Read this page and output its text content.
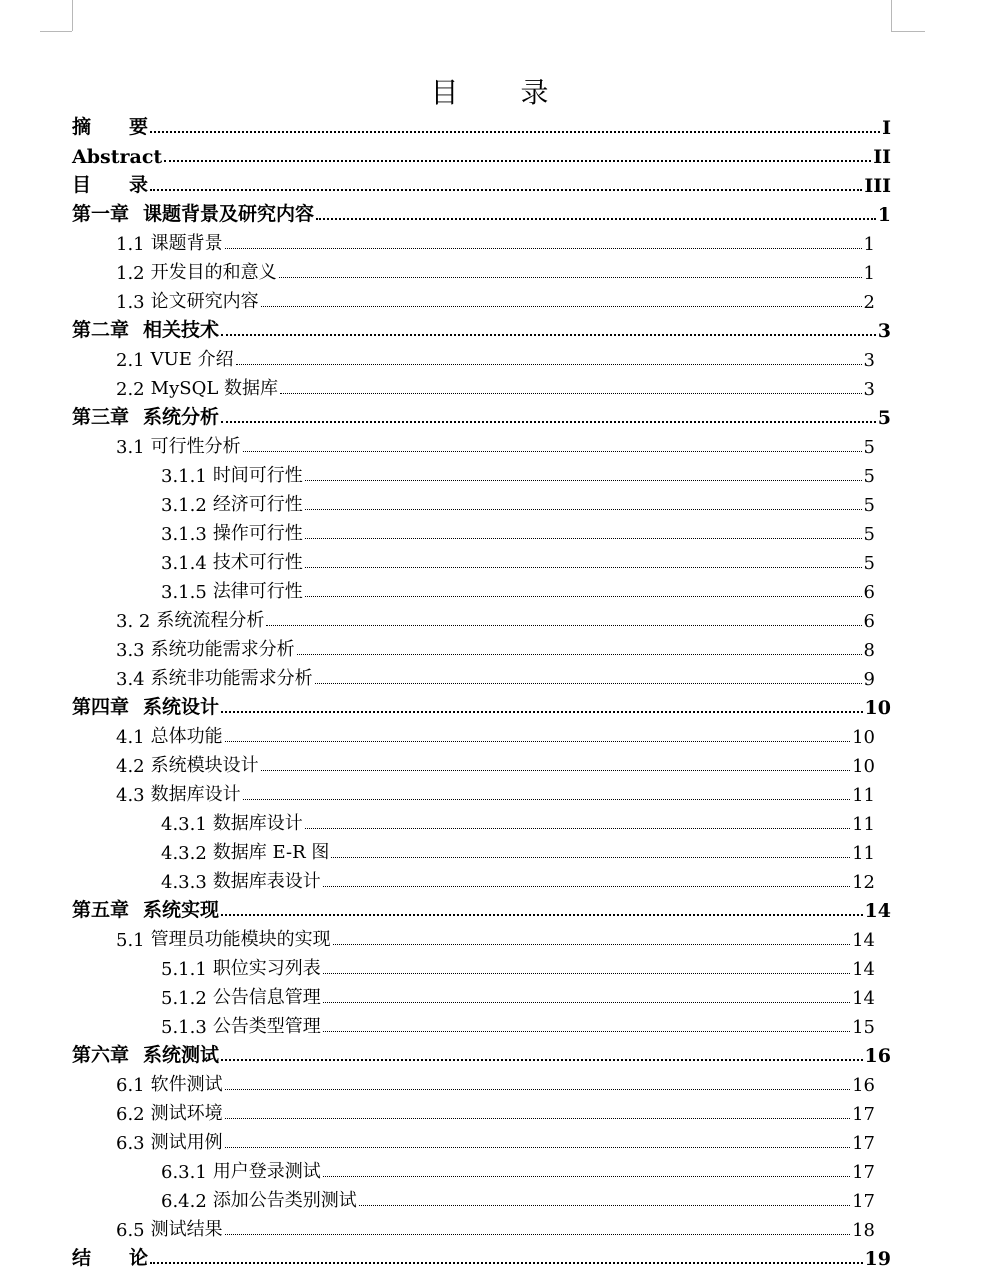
目　　录
摘　　要	I
Abstract	II
目　　录	III
第一章 课题背景及研究内容	1
1.1 课题背景	1
1.2 开发目的和意义	1
1.3 论文研究内容	2
第二章 相关技术	3
2.1 VUE 介绍	3
2.2 MySQL 数据库	3
第三章 系统分析	5
3.1 可行性分析	5
3.1.1 时间可行性	5
3.1.2 经济可行性	5
3.1.3 操作可行性	5
3.1.4 技术可行性	5
3.1.5 法律可行性	6
3. 2 系统流程分析	6
3.3 系统功能需求分析	8
3.4 系统非功能需求分析	9
第四章 系统设计	10
4.1 总体功能	10
4.2 系统模块设计	10
4.3 数据库设计	11
4.3.1 数据库设计	11
4.3.2 数据库 E-R 图	11
4.3.3 数据库表设计	12
第五章 系统实现	14
5.1 管理员功能模块的实现	14
5.1.1 职位实习列表	14
5.1.2 公告信息管理	14
5.1.3 公告类型管理	15
第六章 系统测试	16
6.1 软件测试	16
6.2 测试环境	17
6.3 测试用例	17
6.3.1 用户登录测试	17
6.4.2 添加公告类别测试	17
6.5 测试结果	18
结　　论	19
